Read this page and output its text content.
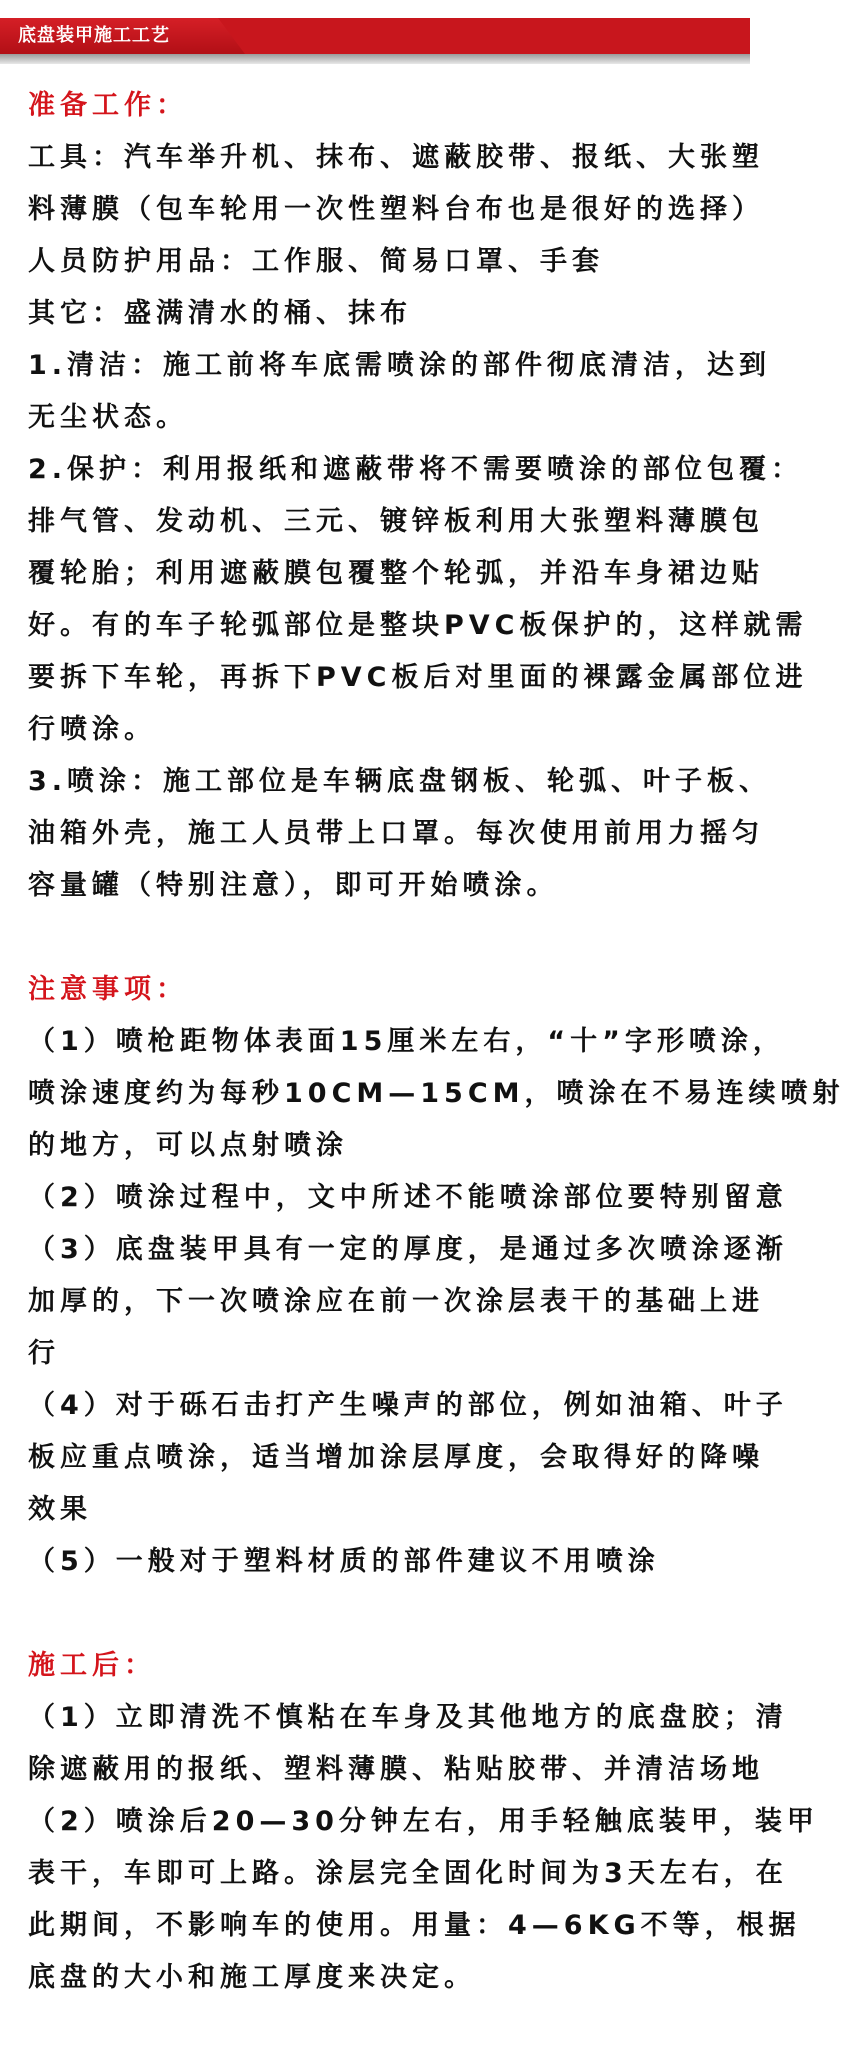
底盘装甲施工工艺
准备工作：
工具：汽车举升机、抹布、遮蔽胶带、报纸、大张塑
料薄膜（包车轮用一次性塑料台布也是很好的选择）
人员防护用品：工作服、简易口罩、手套
其它：盛满清水的桶、抹布
1.清洁：施工前将车底需喷涂的部件彻底清洁，达到
无尘状态。
2.保护：利用报纸和遮蔽带将不需要喷涂的部位包覆：
排气管、发动机、三元、镀锌板利用大张塑料薄膜包
覆轮胎；利用遮蔽膜包覆整个轮弧，并沿车身裙边贴
好。有的车子轮弧部位是整块PVC板保护的，这样就需
要拆下车轮，再拆下PVC板后对里面的裸露金属部位进
行喷涂。
3.喷涂：施工部位是车辆底盘钢板、轮弧、叶子板、
油箱外壳，施工人员带上口罩。每次使用前用力摇匀
容量罐（特别注意），即可开始喷涂。
注意事项：
（1）喷枪距物体表面15厘米左右，“十”字形喷涂，
喷涂速度约为每秒10CM—15CM，喷涂在不易连续喷射
的地方，可以点射喷涂
（2）喷涂过程中，文中所述不能喷涂部位要特别留意
（3）底盘装甲具有一定的厚度，是通过多次喷涂逐渐
加厚的，下一次喷涂应在前一次涂层表干的基础上进
行
（4）对于砾石击打产生噪声的部位，例如油箱、叶子
板应重点喷涂，适当增加涂层厚度，会取得好的降噪
效果
（5）一般对于塑料材质的部件建议不用喷涂
施工后：
（1）立即清洗不慎粘在车身及其他地方的底盘胶；清
除遮蔽用的报纸、塑料薄膜、粘贴胶带、并清洁场地
（2）喷涂后20—30分钟左右，用手轻触底装甲，装甲
表干，车即可上路。涂层完全固化时间为3天左右，在
此期间，不影响车的使用。用量：4—6KG不等，根据
底盘的大小和施工厚度来决定。
